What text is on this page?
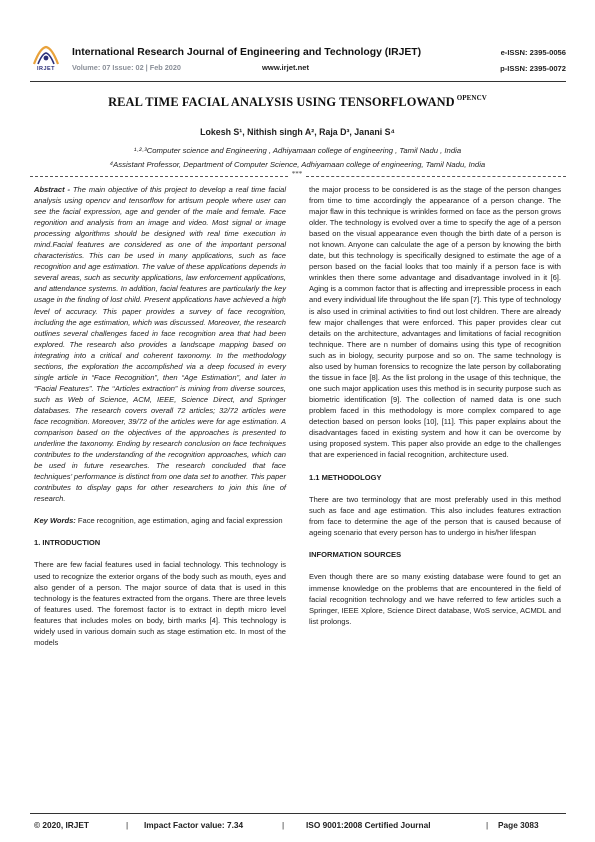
IRJET
International Research Journal of Engineering and Technology (IRJET)
Volume: 07 Issue: 02 | Feb 2020	www.irjet.net
e-ISSN: 2395-0056
p-ISSN: 2395-0072
REAL TIME FACIAL ANALYSIS USING TENSORFLOWAND $^{OPENCV}$
Lokesh S¹, Nithish singh A², Raja D³, Janani S⁴
¹·²·³Computer science and Engineering , Adhiyamaan college of engineering , Tamil Nadu , India
⁴Assistant Professor, Department of Computer Science, Adhiyamaan college of engineering, Tamil Nadu, India
***

Abstract - The main objective of this project to develop a real time facial analysis using opencv and tensorflow for artisum people where user can see the facial expression, age and gender of the male and female. Face regonition and analysis from an image and video. Most signal or image processing algorithms should be designed with real time execution in mind.Facial features are considered as one of the important personal characteristics. This can be used in many applications, such as face recognition and age estimation. The value of these applications depends in several areas, such as security applications, law enforcement applications, and attendance systems. In addition, facial features are particularly the key usage in the finding of lost child. Present applications have achieved a high level of accuracy. This paper provides a survey of face recognition, including the age estimation, which was discussed. Moreover, the research outlines several challenges faced in face recognition area that had been explored. The research also provides a landscape mapping based on integrating into a critical and coherent taxonomy. In the methodology sections, the exploration the accomplished via a deep focused in every single article in “Face Recognition”, then “Age Estimation”, and later in “Facial Features”. The ‘‘Articles extraction” is mining from diverse sources, such as Web of Science, ACM, IEEE, Science Direct, and Springer databases. The research covers overall 72 articles; 32/72 articles were face recognition. Moreover, 39/72 of the articles were for age estimation. A comparison based on the objectives of the approaches is presented to underline the taxonomy. Ending by research conclusion on face techniques contributes to the understanding of the recognition approaches, which can be used in future researches. The research concluded that face techniques’ performance is distinct from one data set to another. This paper contributes to display gaps for other researchers to join this line of research.

Key Words: Face recognition, age estimation, aging and facial expression

1. INTRODUCTION

There are few facial features used in facial technology. This technology is used to recognize the exterior organs of the body such as mouth, eyes and also gender of a person. The major source of data that is used in this technology is the features extracted from the organs. There are three levels of features used. The foremost factor is to extract in depth micro level features that includes moles on body, birth marks [4]. This technology is widely used in various domain such as stage estimation etc. In most of the models

the major process to be considered is as the stage of the person changes from time to time accordingly the appearance of a person change. The major flaw in this technique is wrinkles formed on face as the person grows older. The technology is evolved over a time to specify the age of a person based on the visual appearance even though the birth date of a person is not known. Anyone can calculate the age of a person by knowing the birth date, but this technology is specifically designed to estimate the age of a person based on the facial looks that too mainly if a person face is with wrinkles then there some advantage and disadvantage involved in it [6]. Aging is a common factor that is affecting and irrepressible process in each and every individual life throughout the life span [7]. This type of technology is also used in criminal activities to find out lost children. There are already few major challenges that were enforced. This paper provides clear cut details on the architecture, advantages and limitations of facial recognition technique. There are n number of domains using this type of recognition such as in biology, security purpose and so on. The same technology is also used by human forensics to recognize the late person by collaborating the tissue in face [8]. As the list prolong in the usage of this technique, the one such major application uses this method is in security purpose such as biometric identification [9]. The collection of named data is one such problem faced in this methodology is more complex compared to age detection based on person looks [10], [11]. This paper explains about the disadvantages faced in existing system and how it can be overcome by using proposed system. This paper also provide an edge to the challenges that are experienced in facial recognition, architecture used.

1.1 METHODOLOGY

There are two terminology that are most preferably used in this method such as face and age estimation. This also includes features extraction from face to determine the age of the person that is caused because of ageing scenario that every person has to undergo in his/her lifespan

INFORMATION SOURCES

Even though there are so many existing database were found to get an immense knowledge on the problems that are encountered in the field of facial recognition technology and we have referred to few articles such a Springer, IEEE Xplore, Science Direct database, WoS service, ACMDL and list prolongs.

© 2020, IRJET	| Impact Factor value: 7.34	|	ISO 9001:2008 Certified Journal	| Page 3083
